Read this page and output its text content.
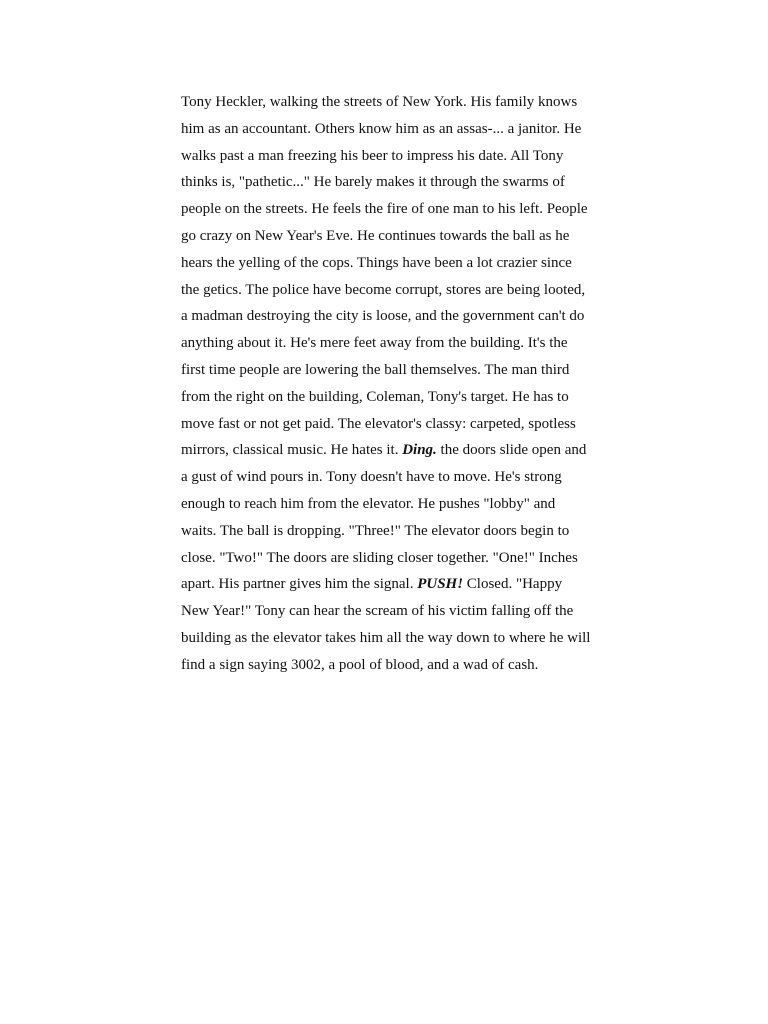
Tony Heckler, walking the streets of New York. His family knows him as an accountant. Others know him as an assas-... a janitor. He walks past a man freezing his beer to impress his date. All Tony thinks is, "pathetic..." He barely makes it through the swarms of people on the streets. He feels the fire of one man to his left. People go crazy on New Year's Eve. He continues towards the ball as he hears the yelling of the cops. Things have been a lot crazier since the getics. The police have become corrupt, stores are being looted, a madman destroying the city is loose, and the government can't do anything about it. He's mere feet away from the building. It's the first time people are lowering the ball themselves. The man third from the right on the building, Coleman, Tony's target. He has to move fast or not get paid. The elevator's classy: carpeted, spotless mirrors, classical music. He hates it. Ding. the doors slide open and a gust of wind pours in. Tony doesn't have to move. He's strong enough to reach him from the elevator. He pushes "lobby" and waits. The ball is dropping. "Three!" The elevator doors begin to close. "Two!" The doors are sliding closer together. "One!" Inches apart. His partner gives him the signal. PUSH! Closed. "Happy New Year!" Tony can hear the scream of his victim falling off the building as the elevator takes him all the way down to where he will find a sign saying 3002, a pool of blood, and a wad of cash.
